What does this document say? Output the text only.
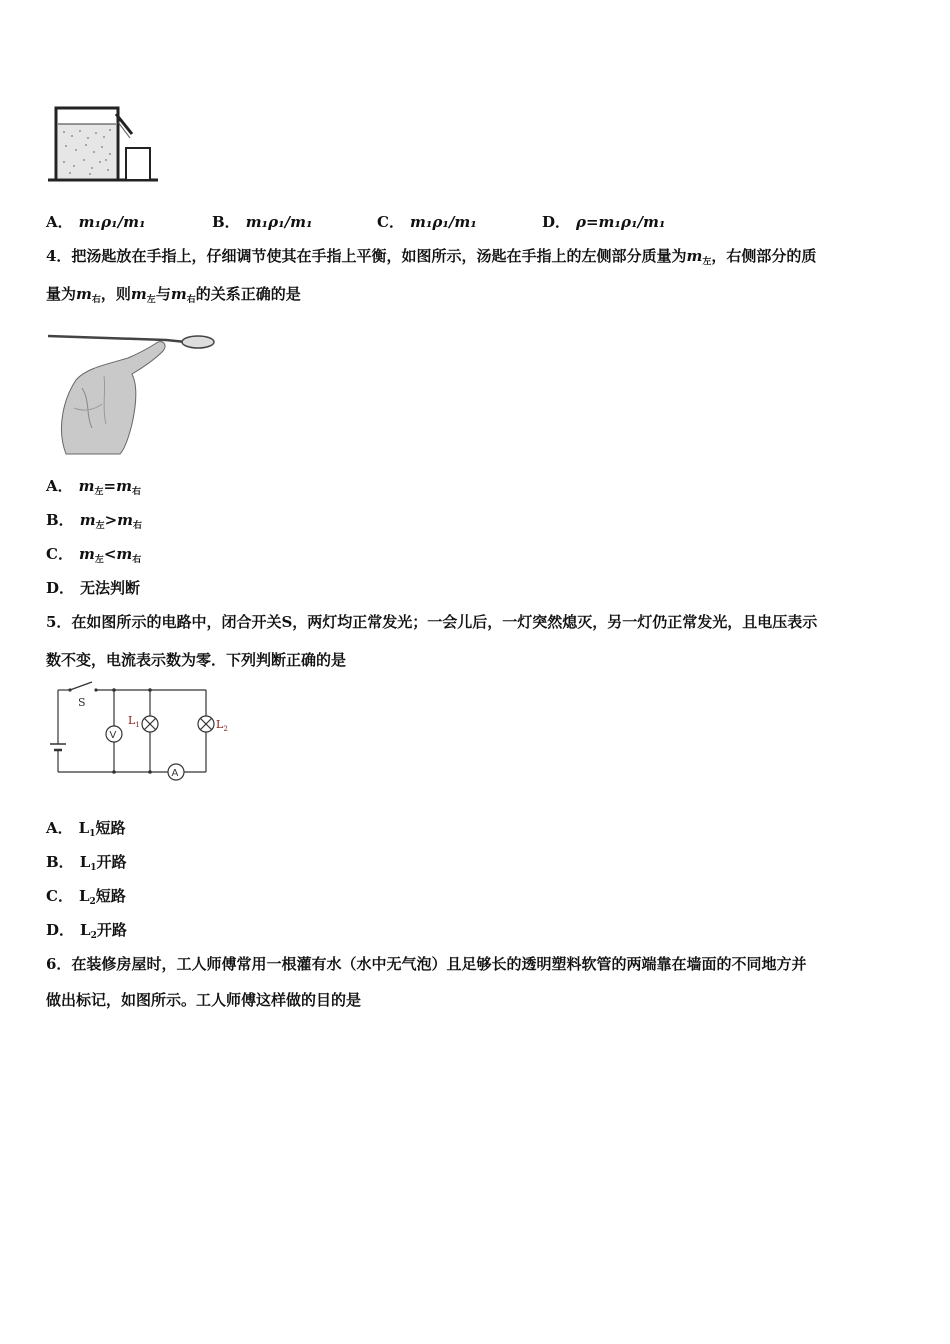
A． m₁ρ₁/m₁	B． m₁ρ₁/m₁	C． m₁ρ₁/m₁	D． ρ=m₁ρ₁/m₁
4．把汤匙放在手指上，仔细调节使其在手指上平衡，如图所示，汤匙在手指上的左侧部分质量为$m_左$，右侧部分的质
量为$m_右$，则$m_左$与$m_右$的关系正确的是
A． $m_左=m_右$
B． $m_左>m_右$
C． $m_左<m_右$
D． 无法判断
5．在如图所示的电路中，闭合开关S，两灯均正常发光；一会儿后，一灯突然熄灭，另一灯仍正常发光，且电压表示
数不变，电流表示数为零．下列判断正确的是
S
V
$L_1$	$L_2$
A
A． $L_1$短路
B． $L_1$开路
C． $L_2$短路
D． $L_2$开路
6．在装修房屋时，工人师傅常用一根灌有水（水中无气泡）且足够长的透明塑料软管的两端靠在墙面的不同地方并
做出标记，如图所示。工人师傅这样做的目的是
